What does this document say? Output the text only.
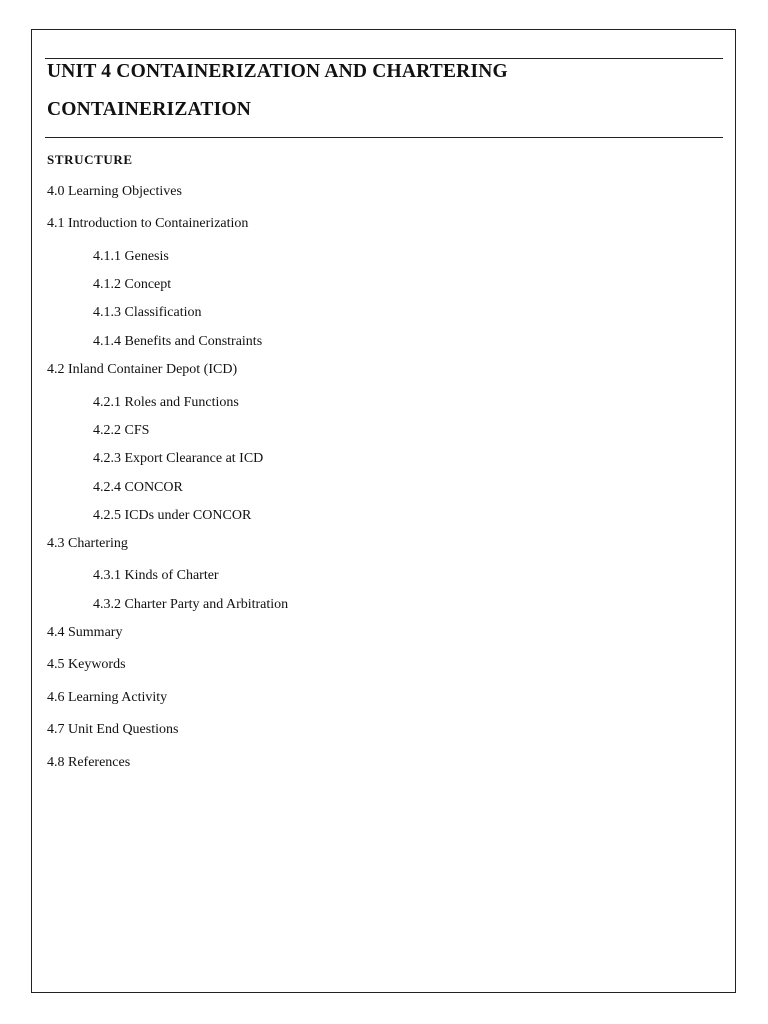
UNIT 4 CONTAINERIZATION AND CHARTERING
CONTAINERIZATION
STRUCTURE
4.0 Learning Objectives
4.1 Introduction to Containerization
4.1.1 Genesis
4.1.2 Concept
4.1.3 Classification
4.1.4 Benefits and Constraints
4.2 Inland Container Depot (ICD)
4.2.1 Roles and Functions
4.2.2 CFS
4.2.3 Export Clearance at ICD
4.2.4 CONCOR
4.2.5 ICDs under CONCOR
4.3 Chartering
4.3.1 Kinds of Charter
4.3.2 Charter Party and Arbitration
4.4 Summary
4.5 Keywords
4.6 Learning Activity
4.7 Unit End Questions
4.8 References
